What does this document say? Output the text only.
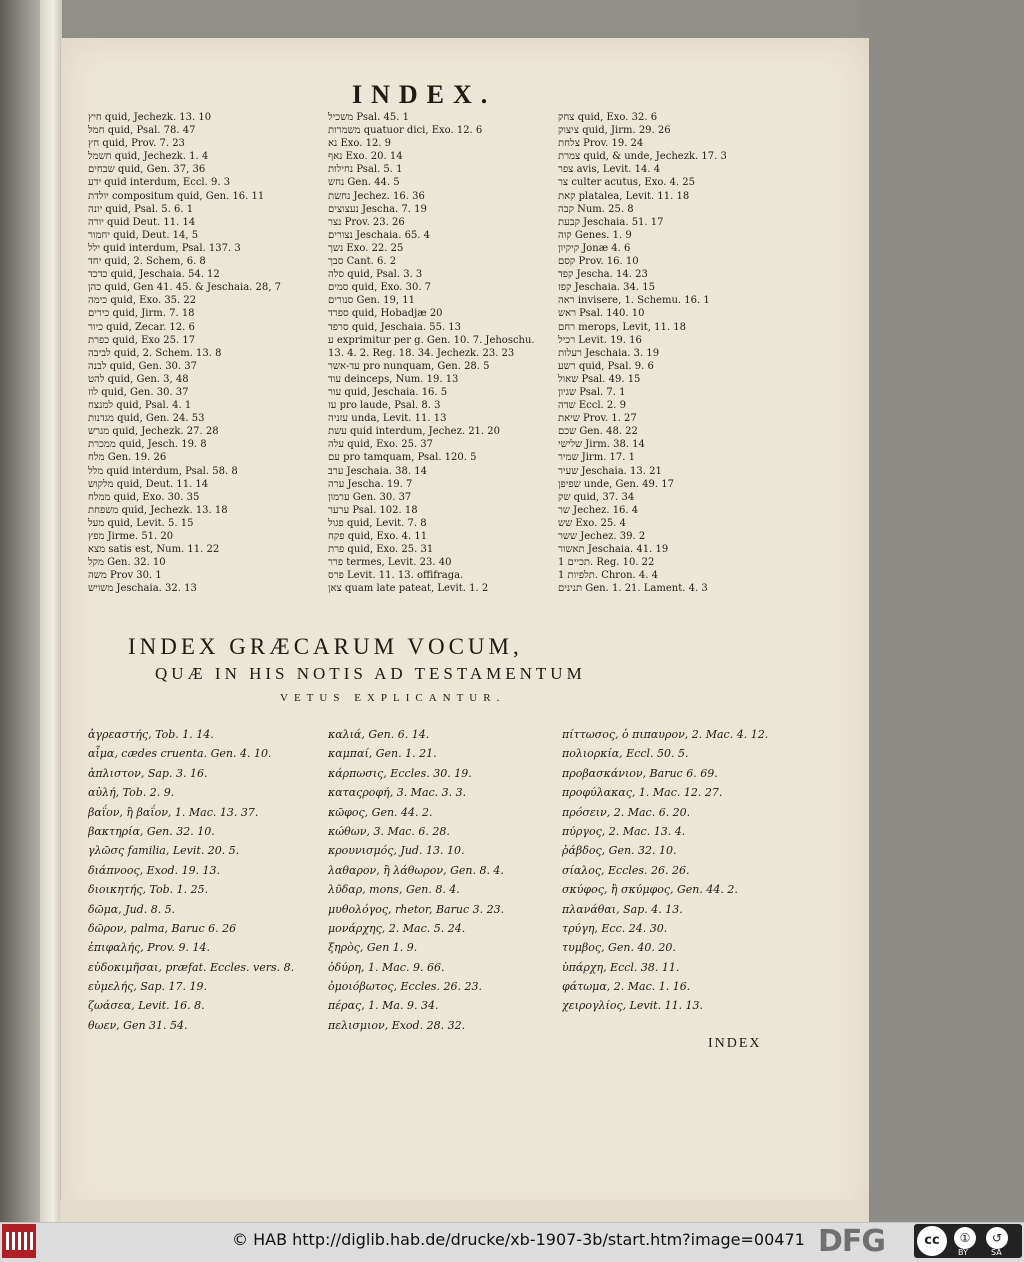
INDEX.
חיץ quid, Jechezk. 13. 10
חמל quid, Psal. 78. 47
חץ quid, Prov. 7. 23
חשמל quid, Jechezk. 1. 4
שבחים quid, Gen. 37, 36
ידע quid interdum, Eccl. 9. 3
יולדת compositum quid, Gen. 16. 11
יונה quid, Psal. 5. 6. 1
יורה quid Deut. 11. 14
יחמור quid, Deut. 14, 5
ילל quid interdum, Psal. 137. 3
יחד quid, 2. Schem, 6. 8
כדכד quid, Jeschaia. 54. 12
כהן quid, Gen 41. 45. & Jeschaia. 28, 7
כימה quid, Exo. 35. 22
כירים quid, Jirm. 7. 18
כיור quid, Zecar. 12. 6
כפרת quid, Exo 25. 17
לביבה quid, 2. Schem. 13. 8
לבנה quid, Gen. 30. 37
להט quid, Gen. 3, 48
לוז quid, Gen. 30. 37
למנצח quid, Psal. 4. 1
מגדנות quid, Gen. 24. 53
מגרש quid, Jechezk. 27. 28
ממכרת quid, Jesch. 19. 8
מלח Gen. 19. 26
מלל quid interdum, Psal. 58. 8
מלקוש quid, Deut. 11. 14
ממלח quid, Exo. 30. 35
משפחת quid, Jechezk. 13. 18
מעל quid, Levit. 5. 15
מפץ Jirme. 51. 20
מצא satis est, Num. 11. 22
מקל Gen. 32. 10
משה Prov 30. 1
משויש Jeschaia. 32. 13
משכיל Psal. 45. 1
משמרות quatuor dici, Exo. 12. 6
נא Exo. 12. 9
נאף Exo. 20. 14
נחילות Psal. 5. 1
נחש Gen. 44. 5
נחשת Jechez. 16. 36
נעצוצים Jescha. 7. 19
נצר Prov. 23. 26
נצורים Jeschaia. 65. 4
נשך Exo. 22. 25
סבך Cant. 6. 2
סלה quid, Psal. 3. 3
סמים quid, Exo. 30. 7
סנורים Gen. 19, 11
ספרד quid, Hobadjæ 20
סרפד quid, Jeschaia. 55. 13
ע exprimitur per g. Gen. 10. 7. Jehoschu.
13. 4. 2. Reg. 18. 34. Jechezk. 23. 23
עד-אשר pro nunquam, Gen. 28. 5
עוד deinceps, Num. 19. 13
עור quid, Jeschaia. 16. 5
עז pro laude, Psal. 8. 3
עזניה unda, Levit. 11. 13
עשת quid interdum, Jechez. 21. 20
עלה quid, Exo. 25. 37
עם pro tamquam, Psal. 120. 5
ערב Jeschaia. 38. 14
ערה Jescha. 19. 7
ערמון Gen. 30. 37
ערער Psal. 102. 18
פגול quid, Levit. 7. 8
פקח quid, Exo. 4. 11
פרת quid, Exo. 25. 31
פרר termes, Levit. 23. 40
פרס Levit. 11. 13. offifraga.
צאן quam late pateat, Levit. 1. 2
צחק quid, Exo. 32. 6
ציצוק quid, Jirm. 29. 26
צלחת Prov. 19. 24
צמרת quid, & unde, Jechezk. 17. 3
צפר avis, Levit. 14. 4
צר culter acutus, Exo. 4. 25
קאת platalea, Levit. 11. 18
קבה Num. 25. 8
קבעת Jeschaia. 51. 17
קוה Genes. 1. 9
קיקיון Jonæ 4. 6
קסם Prov. 16. 10
קפד Jescha. 14. 23
קפז Jeschaia. 34. 15
ראה invisere, 1. Schemu. 16. 1
ראש Psal. 140. 10
רחם merops, Levit, 11. 18
רכיל Levit. 19. 16
רעלות Jeschaia. 3. 19
רשע quid, Psal. 9. 6
שאול Psal. 49. 15
שגיון Psal. 7. 1
שדה Eccl. 2. 9
שיאת Prov. 1. 27
שכם Gen. 48. 22
שלישי Jirm. 38. 14
שמיר Jirm. 17. 1
שעיר Jeschaia. 13. 21
שפיפן unde, Gen. 49. 17
שק quid, 37. 34
שר Jechez. 16. 4
שש Exo. 25. 4
ששר Jechez. 39. 2
תאשור Jeschaia. 41. 19
תכיים 1. Reg. 10. 22
תלפיות 1. Chron. 4. 4
תנינים Gen. 1. 21. Lament. 4. 3
INDEX GRÆCARUM VOCUM,
QUÆ IN HIS NOTIS AD TESTAMENTUM
VETUS EXPLICANTUR.
ἀγρεαστής, Tob. 1. 14.
αἷμα, cædes cruenta. Gen. 4. 10.
ἀπλιστον, Sap. 3. 16.
αὐλή, Tob. 2. 9.
βαΐον, ἢ βαΐον, 1. Mac. 13. 37.
βακτηρία, Gen. 32. 10.
γλῶσς familia, Levit. 20. 5.
διάπνοος, Exod. 19. 13.
διοικητής, Tob. 1. 25.
δῶμα, Jud. 8. 5.
δῶρον, palma, Baruc 6. 26
ἐπιφαλής, Prov. 9. 14.
εὐδοκιμῆσαι, præfat. Eccles. vers. 8.
εὐμελής, Sap. 17. 19.
ζωάσεα, Levit. 16. 8.
θωεν, Gen 31. 54.
καλιά, Gen. 6. 14.
καμπαί, Gen. 1. 21.
κάρπωσις, Eccles. 30. 19.
καταςροφή, 3. Mac. 3. 3.
κῶφος, Gen. 44. 2.
κώθων, 3. Mac. 6. 28.
κρουνισμός, Jud. 13. 10.
λαθαρον, ἢ λάθωρον, Gen. 8. 4.
λῦδαρ, mons, Gen. 8. 4.
μυθολόγος, rhetor, Baruc 3. 23.
μονάρχης, 2. Mac. 5. 24.
ξηρὸς, Gen 1. 9.
ὀδύρη, 1. Mac. 9. 66.
ὁμοιόβωτος, Eccles. 26. 23.
πέρας, 1. Ma. 9. 34.
πελισμιον, Exod. 28. 32.
πίττωσος, ὁ πιπαυρον, 2. Mac. 4. 12.
πολιορκία, Eccl. 50. 5.
προβασκάνιον, Baruc 6. 69.
προφύλακας, 1. Mac. 12. 27.
πρόσειν, 2. Mac. 6. 20.
πύργος, 2. Mac. 13. 4.
ῥάβδος, Gen. 32. 10.
σίαλος, Eccles. 26. 26.
σκύφος, ἢ σκύμφος, Gen. 44. 2.
πλανάθαι, Sap. 4. 13.
τρύγη, Ecc. 24. 30.
τυμβος, Gen. 40. 20.
ὑπάρχη, Eccl. 38. 11.
φάτωμα, 2. Mac. 1. 16.
χειρογλίος, Levit. 11. 13.
INDEX
© HAB http://diglib.hab.de/drucke/xb-1907-3b/start.htm?image=00471 DFG	cc	①	↺
BY	SA
